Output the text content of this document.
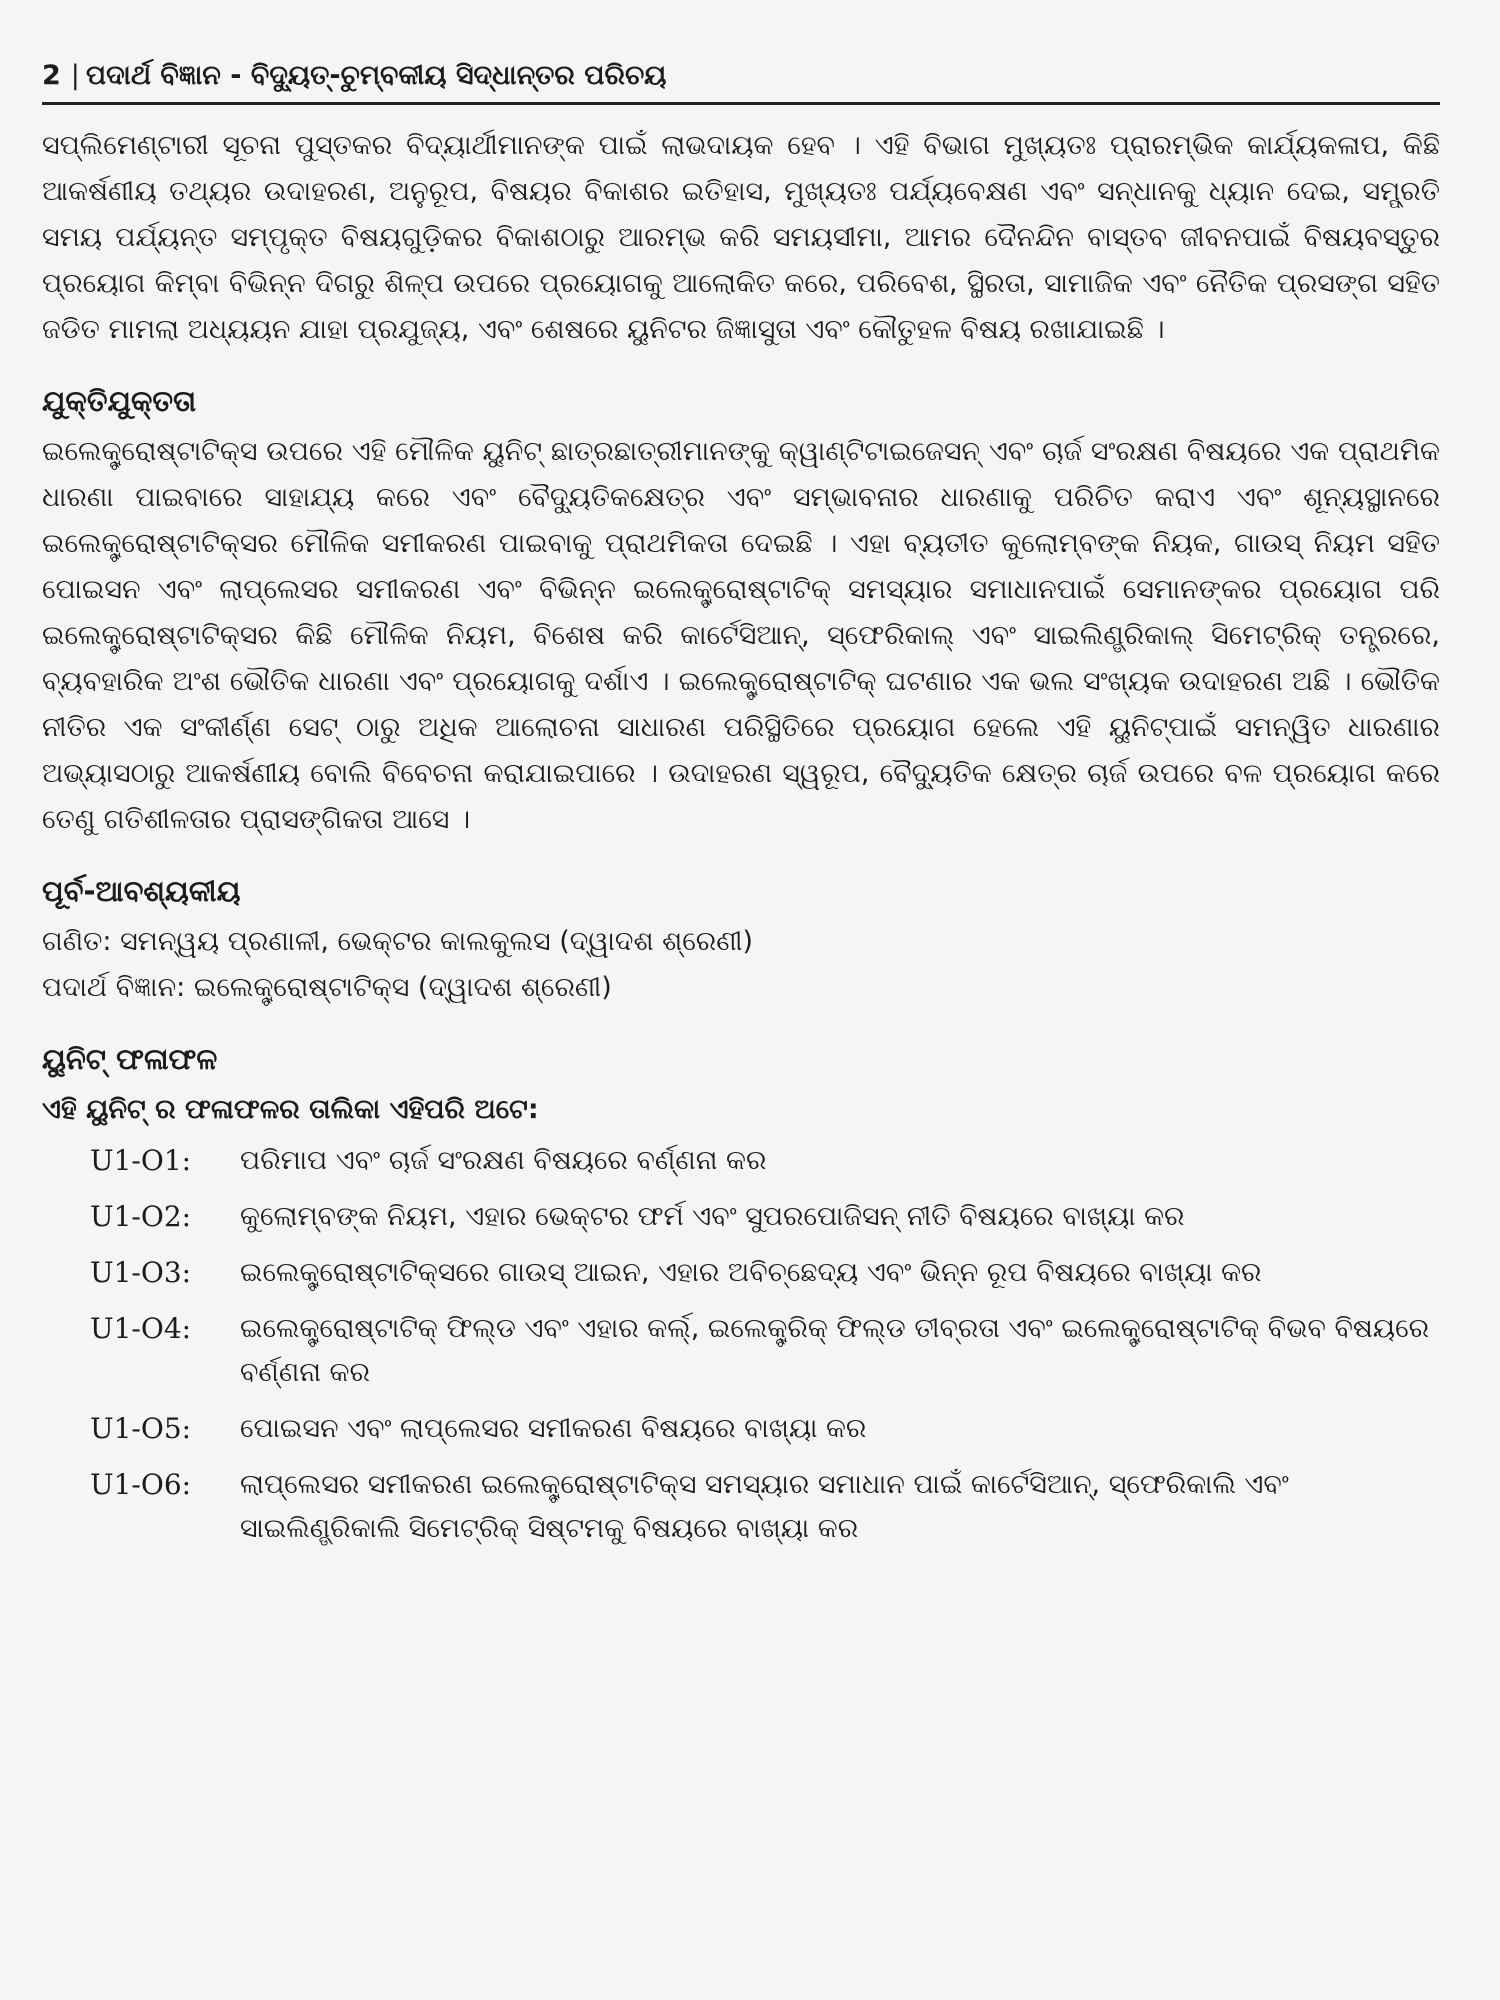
2 | ପଦାର୍ଥ ବିଜ୍ଞାନ - ବିଦ୍ୟୁତ୍-ଚୁମ୍ବକୀୟ ସିଦ୍ଧାନ୍ତର ପରିଚୟ

ସପ୍ଲିମେଣ୍ଟାରୀ ସୂଚନା ପୁସ୍ତକର ବିଦ୍ୟାର୍ଥୀମାନଙ୍କ ପାଇଁ ଲାଭଦାୟକ ହେବ । ଏହି ବିଭାଗ ମୁଖ୍ୟତଃ ପ୍ରାରମ୍ଭିକ କାର୍ଯ୍ୟକଳାପ, କିଛି ଆକର୍ଷଣୀୟ ତଥ୍ୟର ଉଦାହରଣ, ଅନୁରୂପ, ବିଷୟର ବିକାଶର ଇତିହାସ, ମୁଖ୍ୟତଃ ପର୍ଯ୍ୟବେକ୍ଷଣ ଏବଂ ସନ୍ଧାନକୁ ଧ୍ୟାନ ଦେଇ, ସମ୍ପ୍ରତି ସମୟ ପର୍ଯ୍ୟନ୍ତ ସମ୍ପୃକ୍ତ ବିଷୟଗୁଡ଼ିକର ବିକାଶଠାରୁ ଆରମ୍ଭ କରି ସମୟସୀମା, ଆମର ଦୈନନ୍ଦିନ ବାସ୍ତବ ଜୀବନପାଇଁ ବିଷୟବସ୍ତୁର ପ୍ରୟୋଗ କିମ୍ବା ବିଭିନ୍ନ ଦିଗରୁ ଶିଳ୍ପ ଉପରେ ପ୍ରୟୋଗକୁ ଆଲୋକିତ କରେ, ପରିବେଶ, ସ୍ଥିରତା, ସାମାଜିକ ଏବଂ ନୈତିକ ପ୍ରସଙ୍ଗ ସହିତ ଜଡିତ ମାମଲା ଅଧ୍ୟୟନ ଯାହା ପ୍ରଯୁଜ୍ୟ, ଏବଂ ଶେଷରେ ୟୁନିଟର ଜିଜ୍ଞାସୁତା ଏବଂ କୌତୁହଳ ବିଷୟ ରଖାଯାଇଛି ।

ଯୁକ୍ତିଯୁକ୍ତତା

ଇଲେକ୍ଟ୍ରୋଷ୍ଟାଟିକ୍ସ ଉପରେ ଏହି ମୌଳିକ ୟୁନିଟ୍ ଛାତ୍ରଛାତ୍ରୀମାନଙ୍କୁ କ୍ୱାଣ୍ଟିଟାଇଜେସନ୍ ଏବଂ ଚାର୍ଜ ସଂରକ୍ଷଣ ବିଷୟରେ ଏକ ପ୍ରାଥମିକ ଧାରଣା ପାଇବାରେ ସାହାଯ୍ୟ କରେ ଏବଂ ବୈଦ୍ୟୁତିକକ୍ଷେତ୍ର ଏବଂ ସମ୍ଭାବନାର ଧାରଣାକୁ ପରିଚିତ କରାଏ ଏବଂ ଶୂନ୍ୟସ୍ଥାନରେ ଇଲେକ୍ଟ୍ରୋଷ୍ଟାଟିକ୍ସର ମୌଳିକ ସମୀକରଣ ପାଇବାକୁ ପ୍ରାଥମିକତା ଦେଇଛି । ଏହା ବ୍ୟତୀତ କୁଲୋମ୍ବଙ୍କ ନିୟକ, ଗାଉସ୍ ନିୟମ ସହିତ ପୋଇସନ ଏବଂ ଲାପ୍ଲେସର ସମୀକରଣ ଏବଂ ବିଭିନ୍ନ ଇଲେକ୍ଟ୍ରୋଷ୍ଟାଟିକ୍ ସମସ୍ୟାର ସମାଧାନପାଇଁ ସେମାନଙ୍କର ପ୍ରୟୋଗ ପରି ଇଲେକ୍ଟ୍ରୋଷ୍ଟାଟିକ୍ସର କିଛି ମୌଳିକ ନିୟମ, ବିଶେଷ କରି କାର୍ଟେସିଆନ୍, ସ୍ଫେରିକାଲ୍ ଏବଂ ସାଇଲିଣ୍ଡ୍ରିକାଲ୍ ସିମେଟ୍ରିକ୍ ତନ୍ତ୍ରରେ, ବ୍ୟବହାରିକ ଅଂଶ ଭୌତିକ ଧାରଣା ଏବଂ ପ୍ରୟୋଗକୁ ଦର୍ଶାଏ । ଇଲେକ୍ଟ୍ରୋଷ୍ଟାଟିକ୍ ଘଟଣାର ଏକ ଭଲ ସଂଖ୍ୟକ ଉଦାହରଣ ଅଛି । ଭୌତିକ ନୀତିର ଏକ ସଂକୀର୍ଣ୍ଣ ସେଟ୍ ଠାରୁ ଅଧିକ ଆଲୋଚନା ସାଧାରଣ ପରିସ୍ଥିତିରେ ପ୍ରୟୋଗ ହେଲେ ଏହି ୟୁନିଟ୍‌ପାଇଁ ସମନ୍ୱିତ ଧାରଣାର ଅଭ୍ୟାସଠାରୁ ଆକର୍ଷଣୀୟ ବୋଲି ବିବେଚନା କରାଯାଇପାରେ । ଉଦାହରଣ ସ୍ୱରୂପ, ବୈଦ୍ୟୁତିକ କ୍ଷେତ୍ର ଚାର୍ଜ ଉପରେ ବଳ ପ୍ରୟୋଗ କରେ ତେଣୁ ଗତିଶୀଳତାର ପ୍ରାସଙ୍ଗିକତା ଆସେ ।

ପୂର୍ବ-ଆବଶ୍ୟକୀୟ

ଗଣିତ: ସମନ୍ୱୟ ପ୍ରଣାଳୀ, ଭେକ୍ଟର କାଲକୁଲସ (ଦ୍ୱାଦଶ ଶ୍ରେଣୀ)

ପଦାର୍ଥ ବିଜ୍ଞାନ: ଇଲେକ୍ଟ୍ରୋଷ୍ଟାଟିକ୍ସ (ଦ୍ୱାଦଶ ଶ୍ରେଣୀ)

ୟୁନିଟ୍ ଫଳାଫଳ
ଏହି ୟୁନିଟ୍ ର ଫଳାଫଳର ତାଲିକା ଏହିପରି ଅଟେ:
U1-O1:	ପରିମାପ ଏବଂ ଚାର୍ଜ ସଂରକ୍ଷଣ ବିଷୟରେ ବର୍ଣ୍ଣନା କର
U1-O2:	କୁଲୋମ୍ବଙ୍କ ନିୟମ, ଏହାର ଭେକ୍ଟର ଫର୍ମ ଏବଂ ସୁପରପୋଜିସନ୍ ନୀତି ବିଷୟରେ ବାଖ୍ୟା କର
U1-O3:	ଇଲେକ୍ଟ୍ରୋଷ୍ଟାଟିକ୍ସରେ ଗାଉସ୍ ଆଇନ, ଏହାର ଅବିଚ୍ଛେଦ୍ୟ ଏବଂ ଭିନ୍ନ ରୂପ ବିଷୟରେ ବାଖ୍ୟା କର
U1-O4:	ଇଲେକ୍ଟ୍ରୋଷ୍ଟାଟିକ୍ ଫିଲ୍ଡ ଏବଂ ଏହାର କର୍ଲ୍, ଇଲେକ୍ଟ୍ରିକ୍ ଫିଲ୍ଡ ତୀବ୍ରତା ଏବଂ ଇଲେକ୍ଟ୍ରୋଷ୍ଟାଟିକ୍ ବିଭବ ବିଷୟରେ ବର୍ଣ୍ଣନା କର
U1-O5:	ପୋଇସନ ଏବଂ ଲାପ୍ଲେସର ସମୀକରଣ ବିଷୟରେ ବାଖ୍ୟା କର
U1-O6:	ଲାପ୍ଲେସର ସମୀକରଣ ଇଲେକ୍ଟ୍ରୋଷ୍ଟାଟିକ୍ସ ସମସ୍ୟାର ସମାଧାନ ପାଇଁ କାର୍ଟେସିଆନ୍, ସ୍ଫେରିକାଲି ଏବଂ ସାଇଲିଣ୍ଡ୍ରିକାଲି ସିମେଟ୍ରିକ୍ ସିଷ୍ଟମକୁ ବିଷୟରେ ବାଖ୍ୟା କର
